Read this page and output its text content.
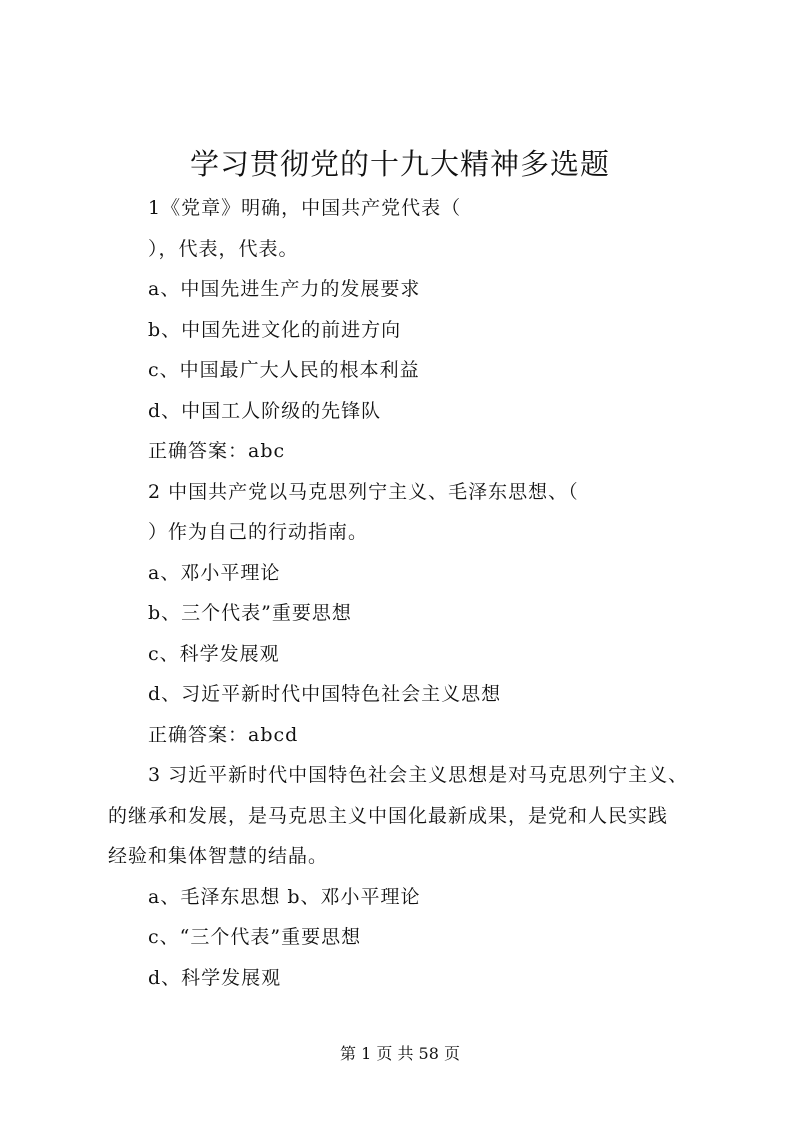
学习贯彻党的十九大精神多选题

1《党章》明确，中国共产党代表（

），代表，代表。

a、中国先进生产力的发展要求

b、中国先进文化的前进方向

c、中国最广大人民的根本利益

d、中国工人阶级的先锋队

正确答案：abc

2 中国共产党以马克思列宁主义、毛泽东思想、（

）作为自己的行动指南。

a、邓小平理论

b、三个代表”重要思想

c、科学发展观

d、习近平新时代中国特色社会主义思想

正确答案：abcd

3 习近平新时代中国特色社会主义思想是对马克思列宁主义、

的继承和发展，是马克思主义中国化最新成果，是党和人民实践

经验和集体智慧的结晶。

a、毛泽东思想 b、邓小平理论

c、“三个代表”重要思想

d、科学发展观

第 1 页 共 58 页
